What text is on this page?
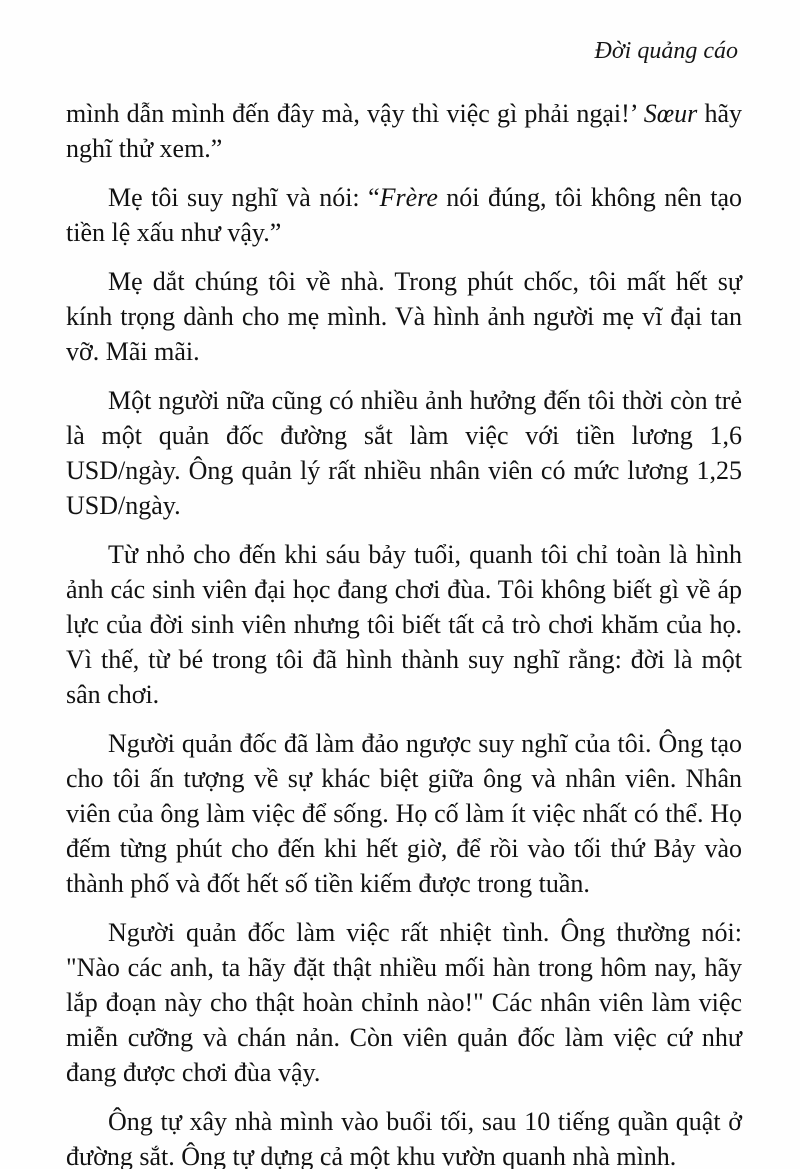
Đời quảng cáo

mình dẫn mình đến đây mà, vậy thì việc gì phải ngại!’ Sœur hãy nghĩ thử xem.”

Mẹ tôi suy nghĩ và nói: “Frère nói đúng, tôi không nên tạo tiền lệ xấu như vậy.”

Mẹ dắt chúng tôi về nhà. Trong phút chốc, tôi mất hết sự kính trọng dành cho mẹ mình. Và hình ảnh người mẹ vĩ đại tan vỡ. Mãi mãi.

Một người nữa cũng có nhiều ảnh hưởng đến tôi thời còn trẻ là một quản đốc đường sắt làm việc với tiền lương 1,6 USD/ngày. Ông quản lý rất nhiều nhân viên có mức lương 1,25 USD/ngày.

Từ nhỏ cho đến khi sáu bảy tuổi, quanh tôi chỉ toàn là hình ảnh các sinh viên đại học đang chơi đùa. Tôi không biết gì về áp lực của đời sinh viên nhưng tôi biết tất cả trò chơi khăm của họ. Vì thế, từ bé trong tôi đã hình thành suy nghĩ rằng: đời là một sân chơi.

Người quản đốc đã làm đảo ngược suy nghĩ của tôi. Ông tạo cho tôi ấn tượng về sự khác biệt giữa ông và nhân viên. Nhân viên của ông làm việc để sống. Họ cố làm ít việc nhất có thể. Họ đếm từng phút cho đến khi hết giờ, để rồi vào tối thứ Bảy vào thành phố và đốt hết số tiền kiếm được trong tuần.

Người quản đốc làm việc rất nhiệt tình. Ông thường nói: "Nào các anh, ta hãy đặt thật nhiều mối hàn trong hôm nay, hãy lắp đoạn này cho thật hoàn chỉnh nào!" Các nhân viên làm việc miễn cưỡng và chán nản. Còn viên quản đốc làm việc cứ như đang được chơi đùa vậy.

Ông tự xây nhà mình vào buổi tối, sau 10 tiếng quần quật ở đường sắt. Ông tự dựng cả một khu vườn quanh nhà mình.
